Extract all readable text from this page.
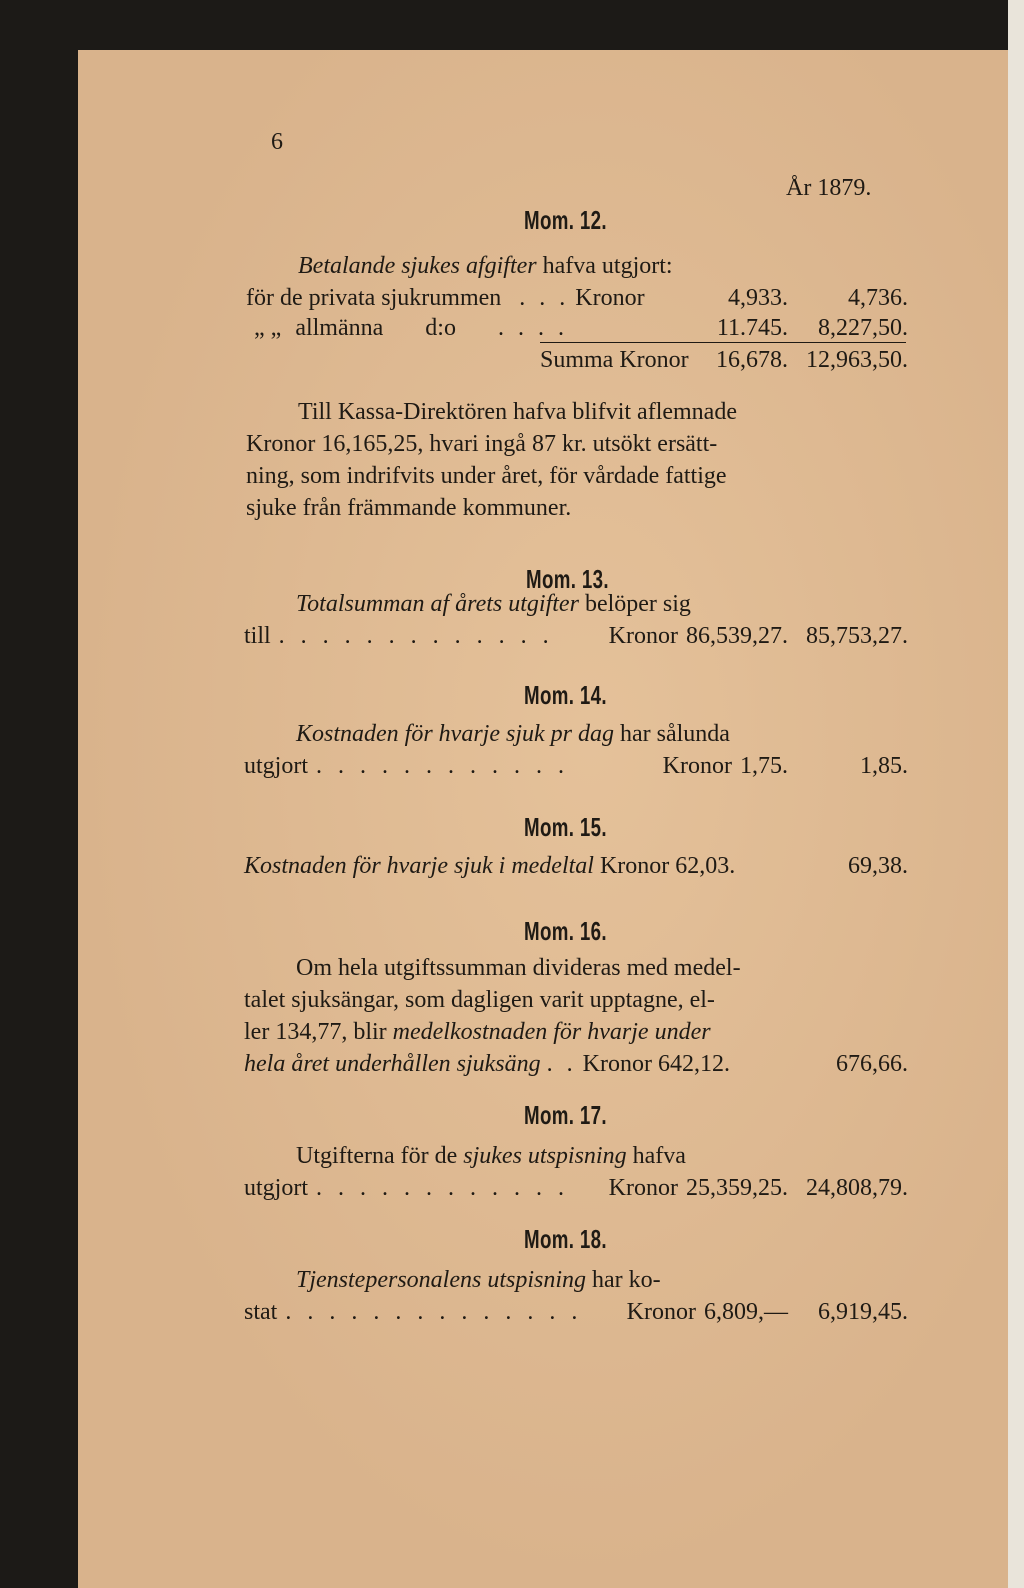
6
År 1879.
Mom. 12.
Betalande sjukes afgifter hafva utgjort:
för de privata sjukrummen . . . Kronor	4,933.	4,736.
„ „ allmänna d:o . . . .	11.745.	8,227,50.
Summa Kronor	16,678. 12,963,50.
Till Kassa-Direktören hafva blifvit aflemnade
Kronor 16,165,25, hvari ingå 87 kr. utsökt ersätt-
ning, som indrifvits under året, för vårdade fattige
sjuke från främmande kommuner.
Mom. 13.
Totalsumman af årets utgifter belöper sig
till . . . . . . . . . . . . .	Kronor 86,539,27. 85,753,27.
Mom. 14.
Kostnaden för hvarje sjuk pr dag har sålunda
utgjort . . . . . . . . . . . .	Kronor 1,75.	1,85.
Mom. 15.
Kostnaden för hvarje sjuk i medeltal Kronor 62,03.	69,38.
Mom. 16.
Om hela utgiftssumman divideras med medel-
talet sjuksängar, som dagligen varit upptagne, el-
ler 134,77, blir medelkostnaden för hvarje under
hela året underhållen sjuksäng . . Kronor 642,12.	676,66.
Mom. 17.
Utgifterna för de sjukes utspisning hafva
utgjort . . . . . . . . . . . .	Kronor 25,359,25. 24,808,79.
Mom. 18.
Tjenstepersonalens utspisning har ko-
stat . . . . . . . . . . . . . .	Kronor 6,809,—	6,919,45.
